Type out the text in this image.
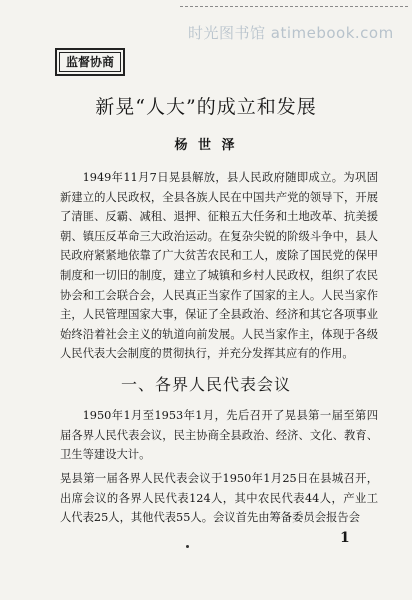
时光图书馆 atimebook.com
监督协商
新晃“人大”的成立和发展
杨 世 泽
1949年11月7日晃县解放，县人民政府随即成立。为巩固新建立的人民政权，全县各族人民在中国共产党的领导下，开展了清匪、反霸、减租、退押、征粮五大任务和土地改革、抗美援朝、镇压反革命三大政治运动。在复杂尖锐的阶级斗争中，县人民政府紧紧地依靠了广大贫苦农民和工人，废除了国民党的保甲制度和一切旧的制度，建立了城镇和乡村人民政权，组织了农民协会和工会联合会，人民真正当家作了国家的主人。人民当家作主，人民管理国家大事，保证了全县政治、经济和其它各项事业始终沿着社会主义的轨道向前发展。人民当家作主，体现于各级人民代表大会制度的贯彻执行，并充分发挥其应有的作用。
一、各界人民代表会议
1950年1月至1953年1月，先后召开了晃县第一届至第四届各界人民代表会议，民主协商全县政治、经济、文化、教育、卫生等建设大计。
晃县第一届各界人民代表会议于1950年1月25日在县城召开，出席会议的各界人民代表124人，其中农民代表44人，产业工人代表25人，其他代表55人。会议首先由筹备委员会报告会
1
